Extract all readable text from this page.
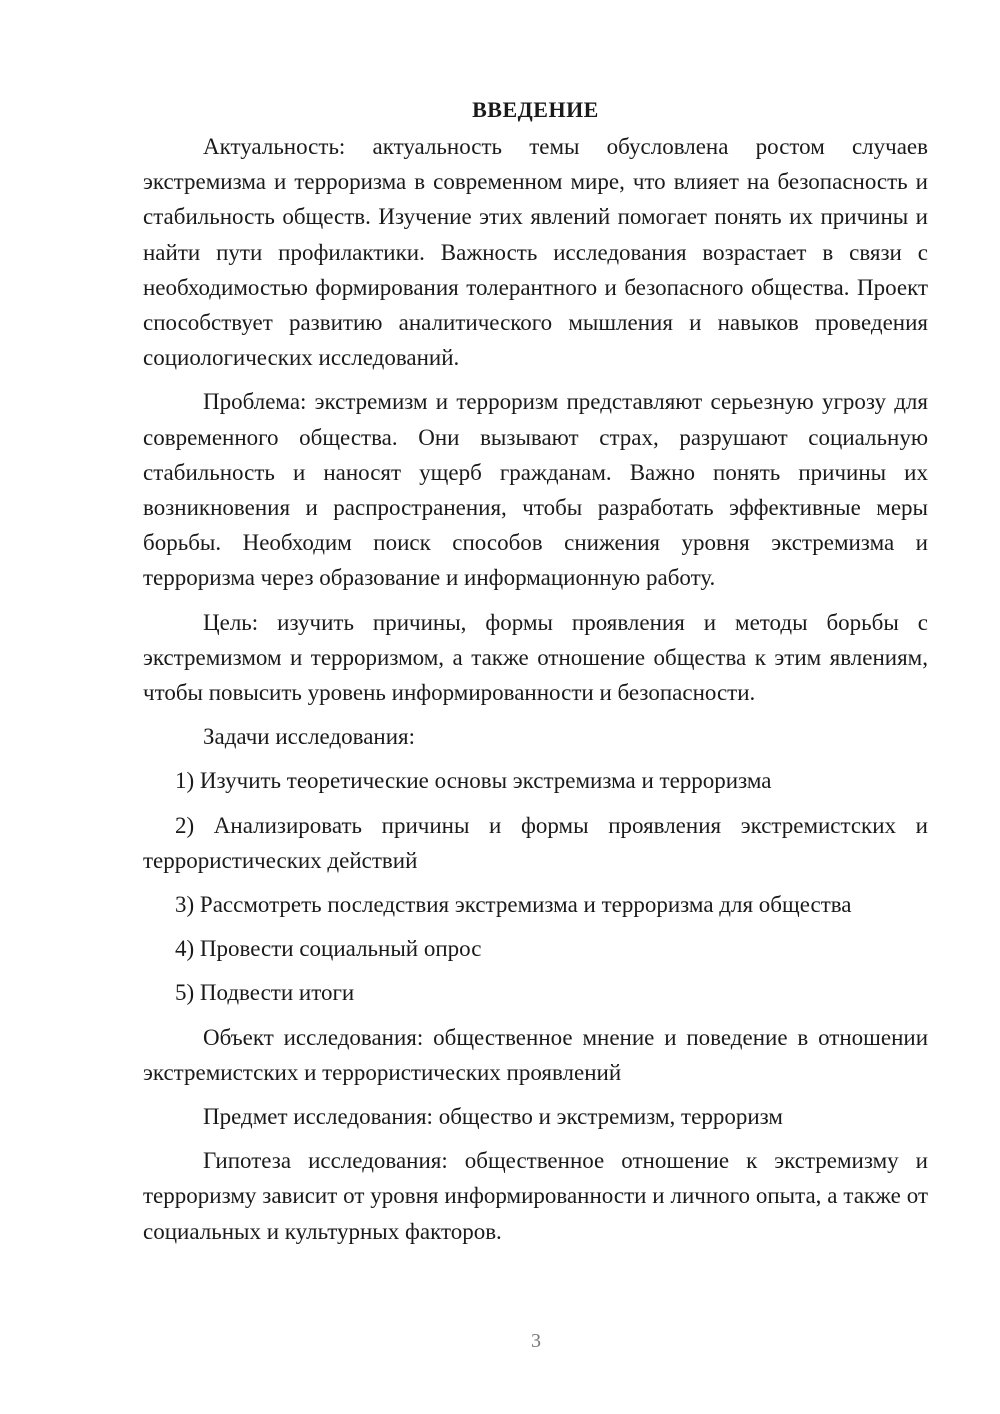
ВВЕДЕНИЕ

Актуальность: актуальность темы обусловлена ростом случаев экстремизма и терроризма в современном мире, что влияет на безопасность и стабильность обществ. Изучение этих явлений помогает понять их причины и найти пути профилактики. Важность исследования возрастает в связи с необходимостью формирования толерантного и безопасного общества. Проект способствует развитию аналитического мышления и навыков проведения социологических исследований.

Проблема: экстремизм и терроризм представляют серьезную угрозу для современного общества. Они вызывают страх, разрушают социальную стабильность и наносят ущерб гражданам. Важно понять причины их возникновения и распространения, чтобы разработать эффективные меры борьбы. Необходим поиск способов снижения уровня экстремизма и терроризма через образование и информационную работу.

Цель: изучить причины, формы проявления и методы борьбы с экстремизмом и терроризмом, а также отношение общества к этим явлениям, чтобы повысить уровень информированности и безопасности.

Задачи исследования:

1) Изучить теоретические основы экстремизма и терроризма

2) Анализировать причины и формы проявления экстремистских и террористических действий

3) Рассмотреть последствия экстремизма и терроризма для общества

4) Провести социальный опрос

5) Подвести итоги

Объект исследования: общественное мнение и поведение в отношении экстремистских и террористических проявлений

Предмет исследования: общество и экстремизм, терроризм

Гипотеза исследования: общественное отношение к экстремизму и терроризму зависит от уровня информированности и личного опыта, а также от социальных и культурных факторов.

3
